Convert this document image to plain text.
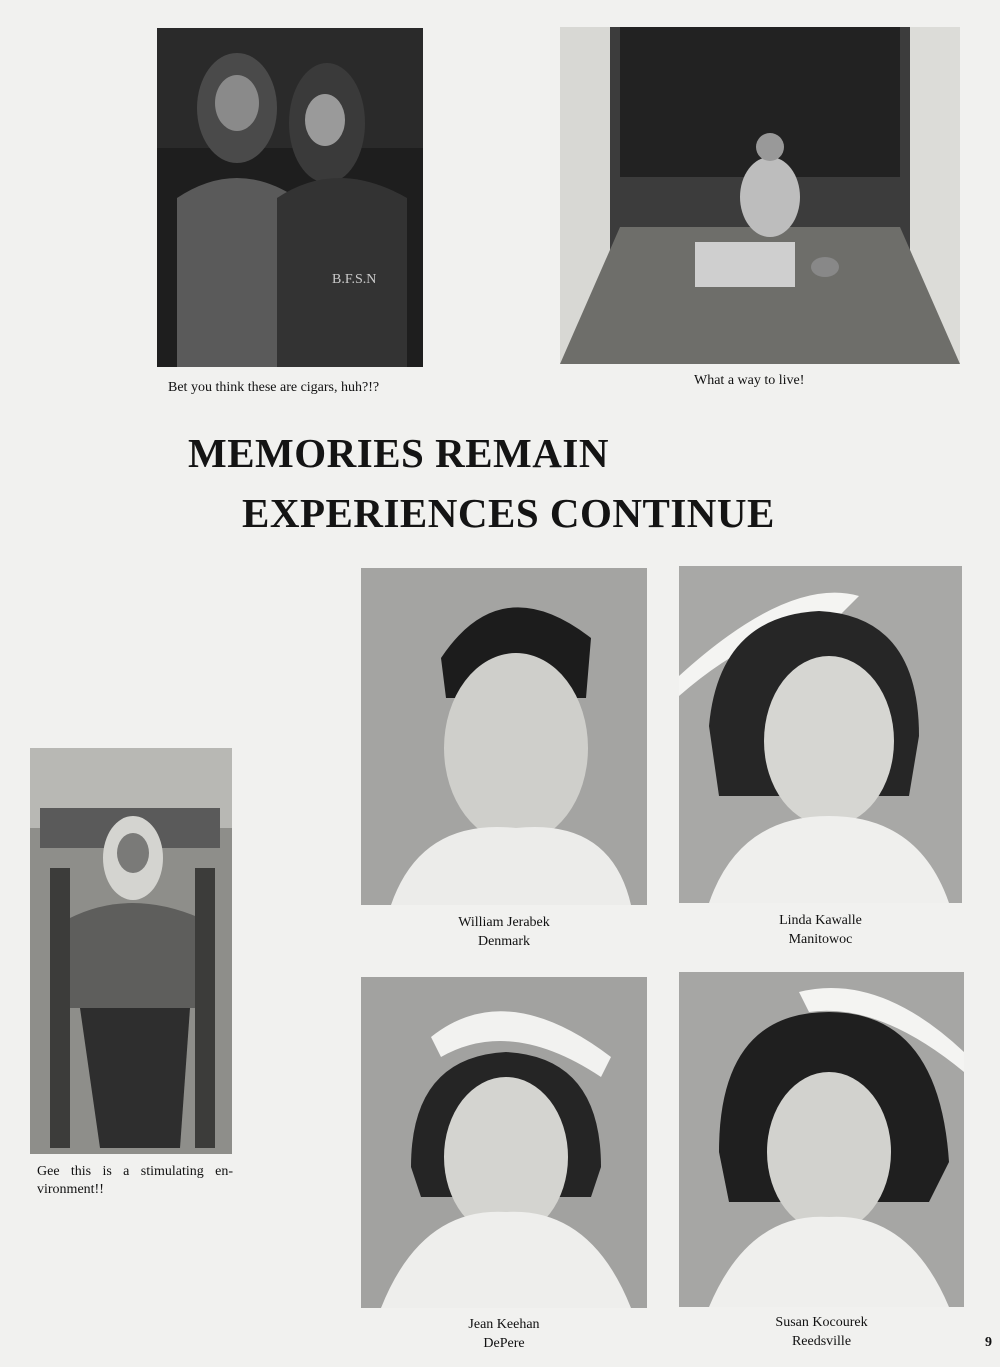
B.F.S.N
Bet you think these are cigars, huh?!?	What a way to live!
MEMORIES REMAIN
EXPERIENCES CONTINUE
Gee this is a stimulating en-vironment!!
William Jerabek
Denmark
Linda Kawalle
Manitowoc
Jean Keehan
DePere
Susan Kocourek
Reedsville	9
